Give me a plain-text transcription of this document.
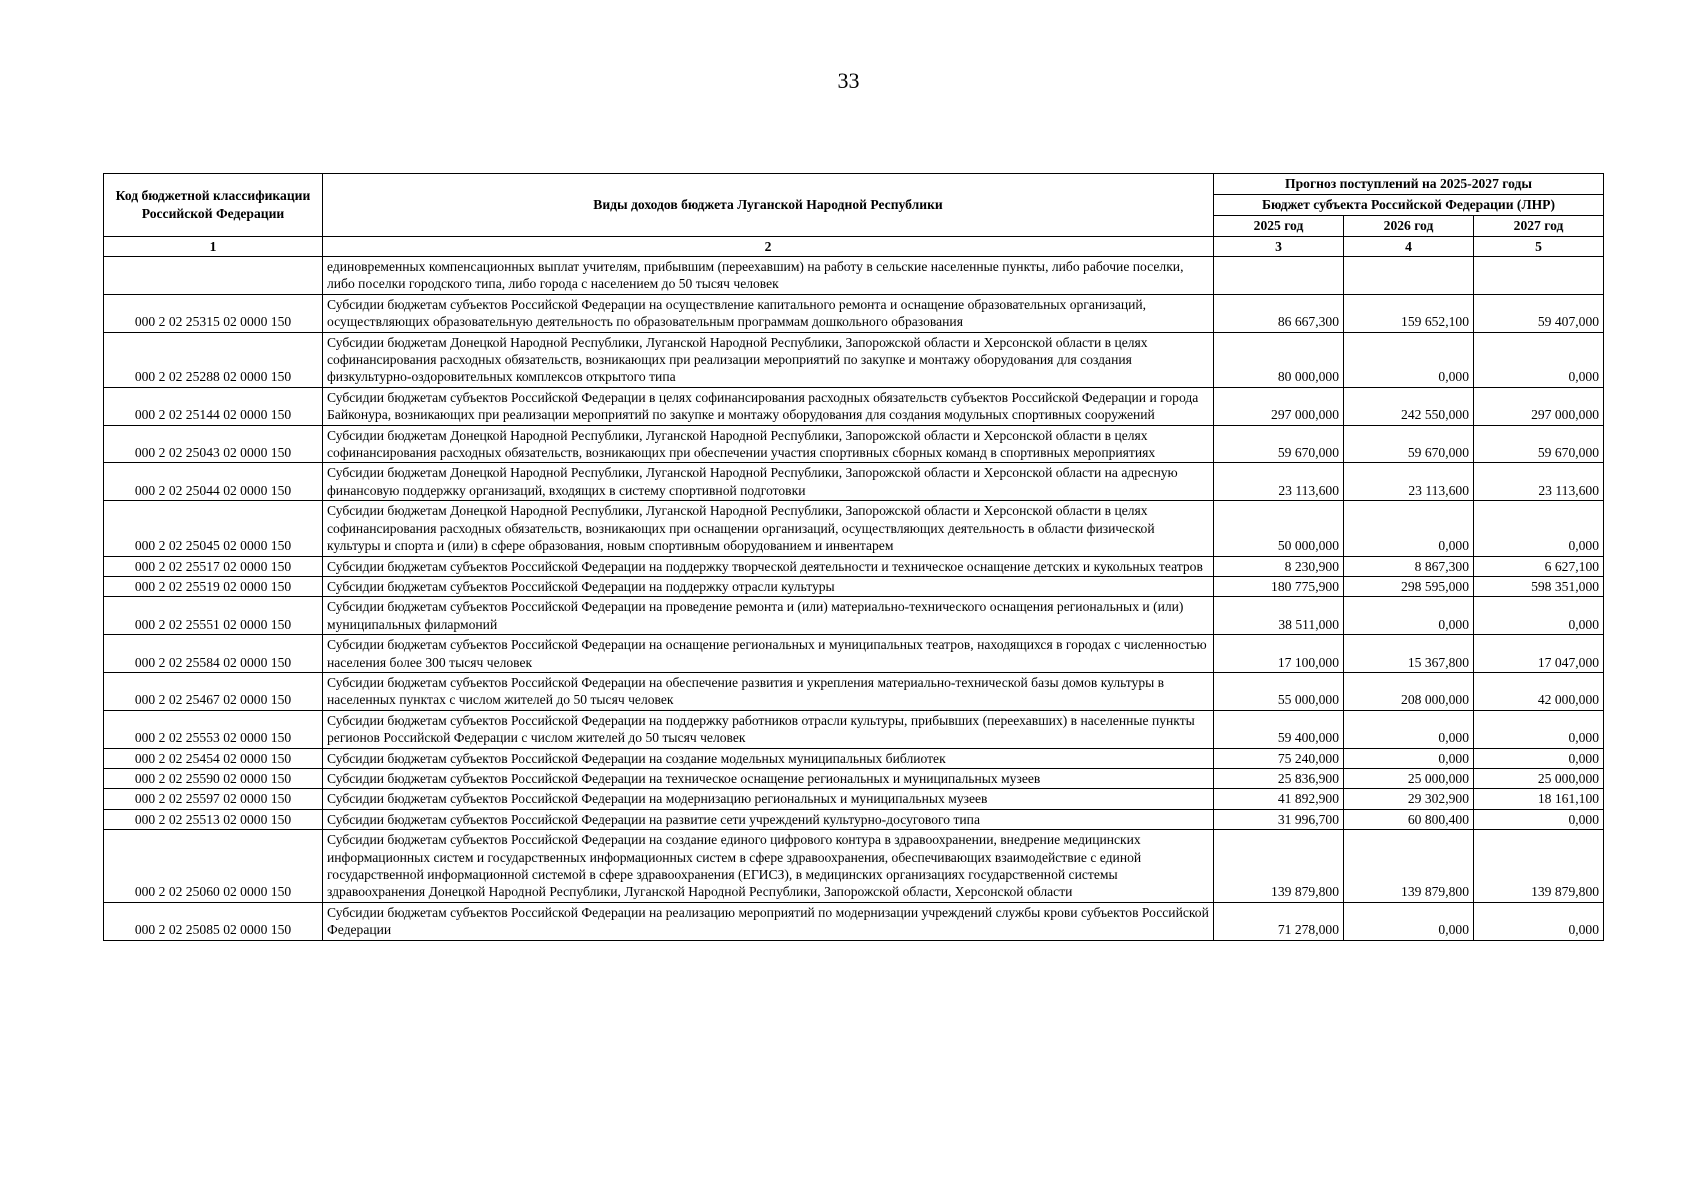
33
Код бюджетной классификации Российской Федерации	Виды доходов бюджета Луганской Народной Республики	Прогноз поступлений на 2025-2027 годы		
		Бюджет субъекта Российской Федерации (ЛНР)		
		2025 год	2026 год	2027 год
1	2	3	4	5
	единовременных компенсационных выплат учителям, прибывшим (переехавшим) на работу в сельские населенные пункты, либо рабочие поселки, либо поселки городского типа, либо города с населением до 50 тысяч человек			
000 2 02 25315 02 0000 150	Субсидии бюджетам субъектов Российской Федерации на осуществление капитального ремонта и оснащение образовательных организаций, осуществляющих образовательную деятельность по образовательным программам дошкольного образования	86 667,300	159 652,100	59 407,000
000 2 02 25288 02 0000 150	Субсидии бюджетам Донецкой Народной Республики, Луганской Народной Республики, Запорожской области и Херсонской области в целях софинансирования расходных обязательств, возникающих при реализации мероприятий по закупке и монтажу оборудования для создания физкультурно-оздоровительных комплексов открытого типа	80 000,000	0,000	0,000
000 2 02 25144 02 0000 150	Субсидии бюджетам субъектов Российской Федерации в целях софинансирования расходных обязательств субъектов Российской Федерации и города Байконура, возникающих при реализации мероприятий по закупке и монтажу оборудования для создания модульных спортивных сооружений	297 000,000	242 550,000	297 000,000
000 2 02 25043 02 0000 150	Субсидии бюджетам Донецкой Народной Республики, Луганской Народной Республики, Запорожской области и Херсонской области в целях софинансирования расходных обязательств, возникающих при обеспечении участия спортивных сборных команд в спортивных мероприятиях	59 670,000	59 670,000	59 670,000
000 2 02 25044 02 0000 150	Субсидии бюджетам Донецкой Народной Республики, Луганской Народной Республики, Запорожской области и Херсонской области на адресную финансовую поддержку организаций, входящих в систему спортивной подготовки	23 113,600	23 113,600	23 113,600
000 2 02 25045 02 0000 150	Субсидии бюджетам Донецкой Народной Республики, Луганской Народной Республики, Запорожской области и Херсонской области в целях софинансирования расходных обязательств, возникающих при оснащении организаций, осуществляющих деятельность в области физической культуры и спорта и (или) в сфере образования, новым спортивным оборудованием и инвентарем	50 000,000	0,000	0,000
000 2 02 25517 02 0000 150	Субсидии бюджетам субъектов Российской Федерации на поддержку творческой деятельности и техническое оснащение детских и кукольных театров	8 230,900	8 867,300	6 627,100
000 2 02 25519 02 0000 150	Субсидии бюджетам субъектов Российской Федерации на поддержку отрасли культуры	180 775,900	298 595,000	598 351,000
000 2 02 25551 02 0000 150	Субсидии бюджетам субъектов Российской Федерации на проведение ремонта и (или) материально-технического оснащения региональных и (или) муниципальных филармоний	38 511,000	0,000	0,000
000 2 02 25584 02 0000 150	Субсидии бюджетам субъектов Российской Федерации на оснащение региональных и муниципальных театров, находящихся в городах с численностью населения более 300 тысяч человек	17 100,000	15 367,800	17 047,000
000 2 02 25467 02 0000 150	Субсидии бюджетам субъектов Российской Федерации на обеспечение развития и укрепления материально-технической базы домов культуры в населенных пунктах с числом жителей до 50 тысяч человек	55 000,000	208 000,000	42 000,000
000 2 02 25553 02 0000 150	Субсидии бюджетам субъектов Российской Федерации на поддержку работников отрасли культуры, прибывших (переехавших) в населенные пункты регионов Российской Федерации с числом жителей до 50 тысяч человек	59 400,000	0,000	0,000
000 2 02 25454 02 0000 150	Субсидии бюджетам субъектов Российской Федерации на создание модельных муниципальных библиотек	75 240,000	0,000	0,000
000 2 02 25590 02 0000 150	Субсидии бюджетам субъектов Российской Федерации на техническое оснащение региональных и муниципальных музеев	25 836,900	25 000,000	25 000,000
000 2 02 25597 02 0000 150	Субсидии бюджетам субъектов Российской Федерации на модернизацию региональных и муниципальных музеев	41 892,900	29 302,900	18 161,100
000 2 02 25513 02 0000 150	Субсидии бюджетам субъектов Российской Федерации на развитие сети учреждений культурно-досугового типа	31 996,700	60 800,400	0,000
000 2 02 25060 02 0000 150	Субсидии бюджетам субъектов Российской Федерации на создание единого цифрового контура в здравоохранении, внедрение медицинских информационных систем и государственных информационных систем в сфере здравоохранения, обеспечивающих взаимодействие с единой государственной информационной системой в сфере здравоохранения (ЕГИСЗ), в медицинских организациях государственной системы здравоохранения Донецкой Народной Республики, Луганской Народной Республики, Запорожской области, Херсонской области	139 879,800	139 879,800	139 879,800
000 2 02 25085 02 0000 150	Субсидии бюджетам субъектов Российской Федерации на реализацию мероприятий по модернизации учреждений службы крови субъектов Российской Федерации	71 278,000	0,000	0,000
